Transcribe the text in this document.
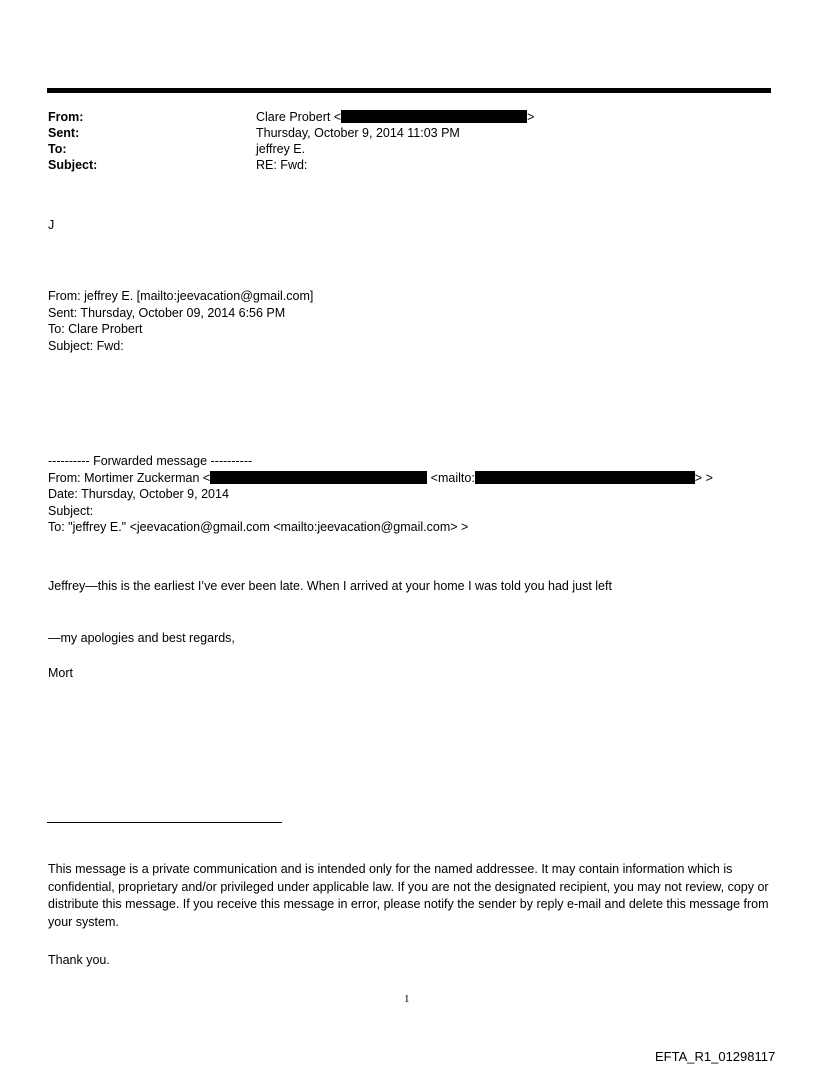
From:	Clare Probert <	>
Sent:	Thursday, October 9, 2014 11:03 PM
To:	jeffrey E.
Subject:	RE: Fwd:
J
From: jeffrey E. [mailto:jeevacation@gmail.com]
Sent: Thursday, October 09, 2014 6:56 PM
To: Clare Probert
Subject: Fwd:
---------- Forwarded message ----------
From: Mortimer Zuckerman <	<mailto:	> >
Date: Thursday, October 9, 2014
Subject:
To: "jeffrey E." <jeevacation@gmail.com <mailto:jeevacation@gmail.com> >
Jeffrey—this is the earliest I’ve ever been late. When I arrived at your home I was told you had just left
—my apologies and best regards,
Mort
This message is a private communication and is intended only for the named addressee. It may contain information which is confidential, proprietary and/or privileged under applicable law. If you are not the designated recipient, you may not review, copy or distribute this message. If you receive this message in error, please notify the sender by reply e-mail and delete this message from your system.
Thank you.
1
EFTA_R1_01298117
